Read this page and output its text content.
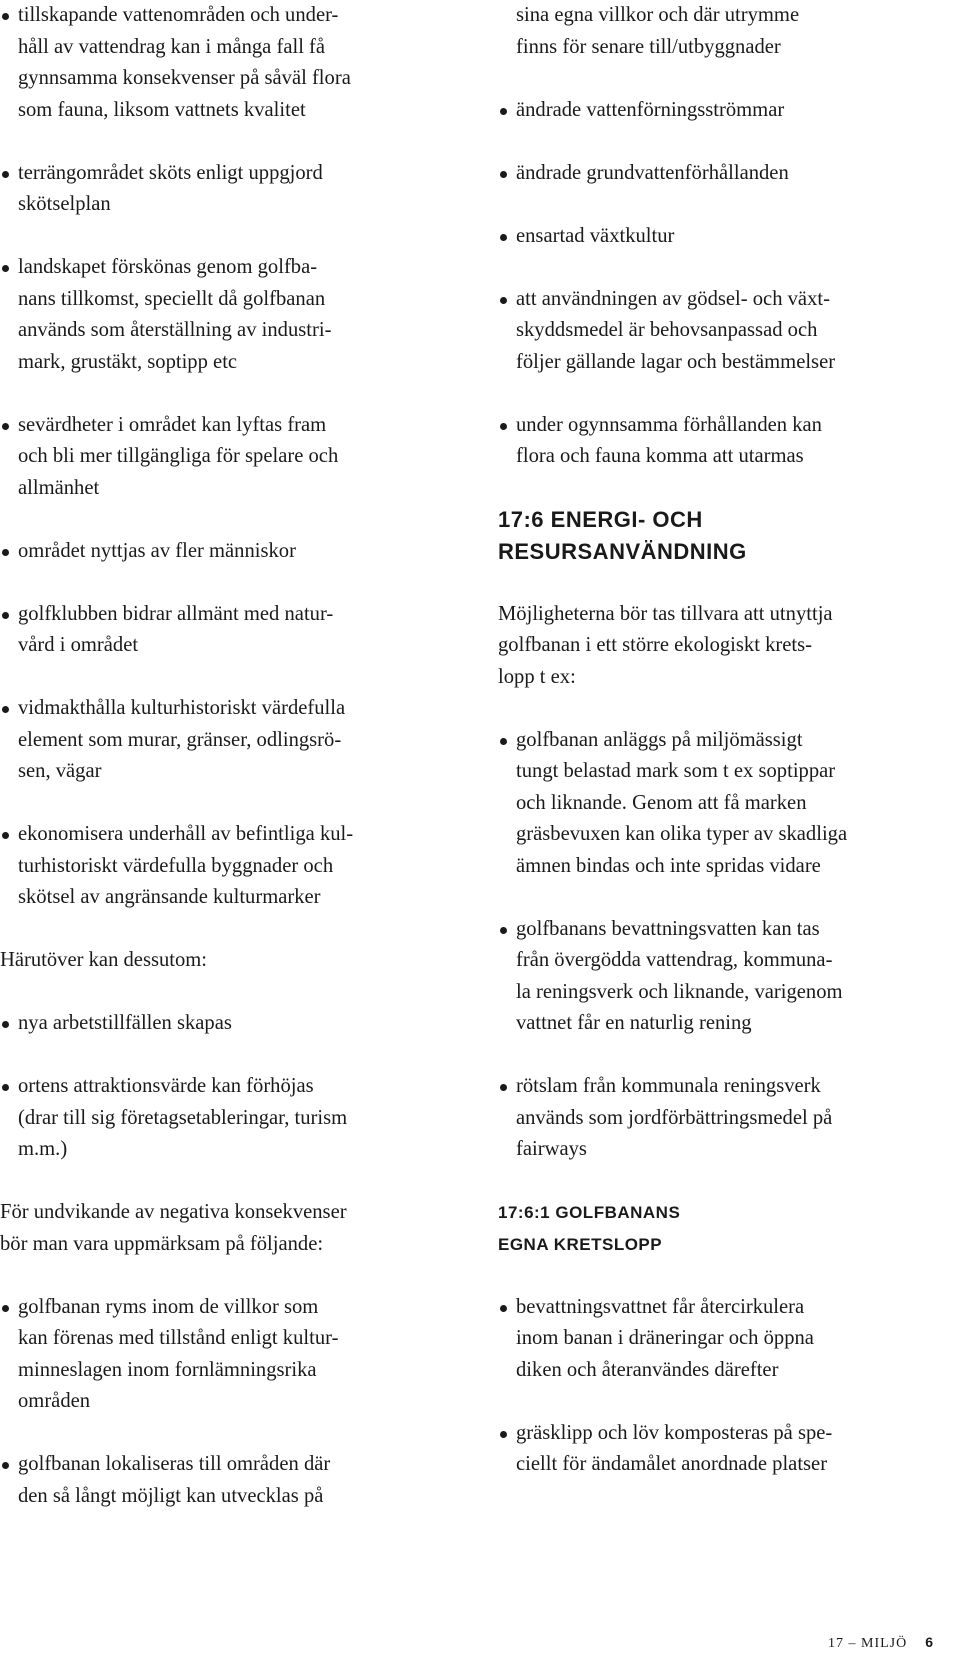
tillskapande vattenområden och under-
håll av vattendrag kan i många fall få
gynnsamma konsekvenser på såväl flora
som fauna, liksom vattnets kvalitet
terrängområdet sköts enligt uppgjord
skötselplan
landskapet förskönas genom golfba-
nans tillkomst, speciellt då golfbanan
används som återställning av industri-
mark, grustäkt, soptipp etc
sevärdheter i området kan lyftas fram
och bli mer tillgängliga för spelare och
allmänhet
området nyttjas av fler människor
golfklubben bidrar allmänt med natur-
vård i området
vidmakthålla kulturhistoriskt värdefulla
element som murar, gränser, odlingsrö-
sen, vägar
ekonomisera underhåll av befintliga kul-
turhistoriskt värdefulla byggnader och
skötsel av angränsande kulturmarker
Härutöver kan dessutom:
nya arbetstillfällen skapas
ortens attraktionsvärde kan förhöjas
(drar till sig företagsetableringar, turism
m.m.)
För undvikande av negativa konsekvenser
bör man vara uppmärksam på följande:
golfbanan ryms inom de villkor som
kan förenas med tillstånd enligt kultur-
minneslagen inom fornlämningsrika
områden
golfbanan lokaliseras till områden där
den så långt möjligt kan utvecklas på
sina egna villkor och där utrymme
finns för senare till/utbyggnader
ändrade vattenförningsströmmar
ändrade grundvattenförhållanden
ensartad växtkultur
att användningen av gödsel- och växt-
skyddsmedel är behovsanpassad och
följer gällande lagar och bestämmelser
under ogynnsamma förhållanden kan
flora och fauna komma att utarmas
17:6 ENERGI- OCH
RESURSANVÄNDNING
Möjligheterna bör tas tillvara att utnyttja
golfbanan i ett större ekologiskt krets-
lopp t ex:
golfbanan anläggs på miljömässigt
tungt belastad mark som t ex soptippar
och liknande. Genom att få marken
gräsbevuxen kan olika typer av skadliga
ämnen bindas och inte spridas vidare
golfbanans bevattningsvatten kan tas
från övergödda vattendrag, kommuna-
la reningsverk och liknande, varigenom
vattnet får en naturlig rening
rötslam från kommunala reningsverk
används som jordförbättringsmedel på
fairways
17:6:1 GOLFBANANS
EGNA KRETSLOPP
bevattningsvattnet får återcirkulera
inom banan i dräneringar och öppna
diken och återanvändes därefter
gräsklipp och löv komposteras på spe-
ciellt för ändamålet anordnade platser
17 – MILJÖ 6
